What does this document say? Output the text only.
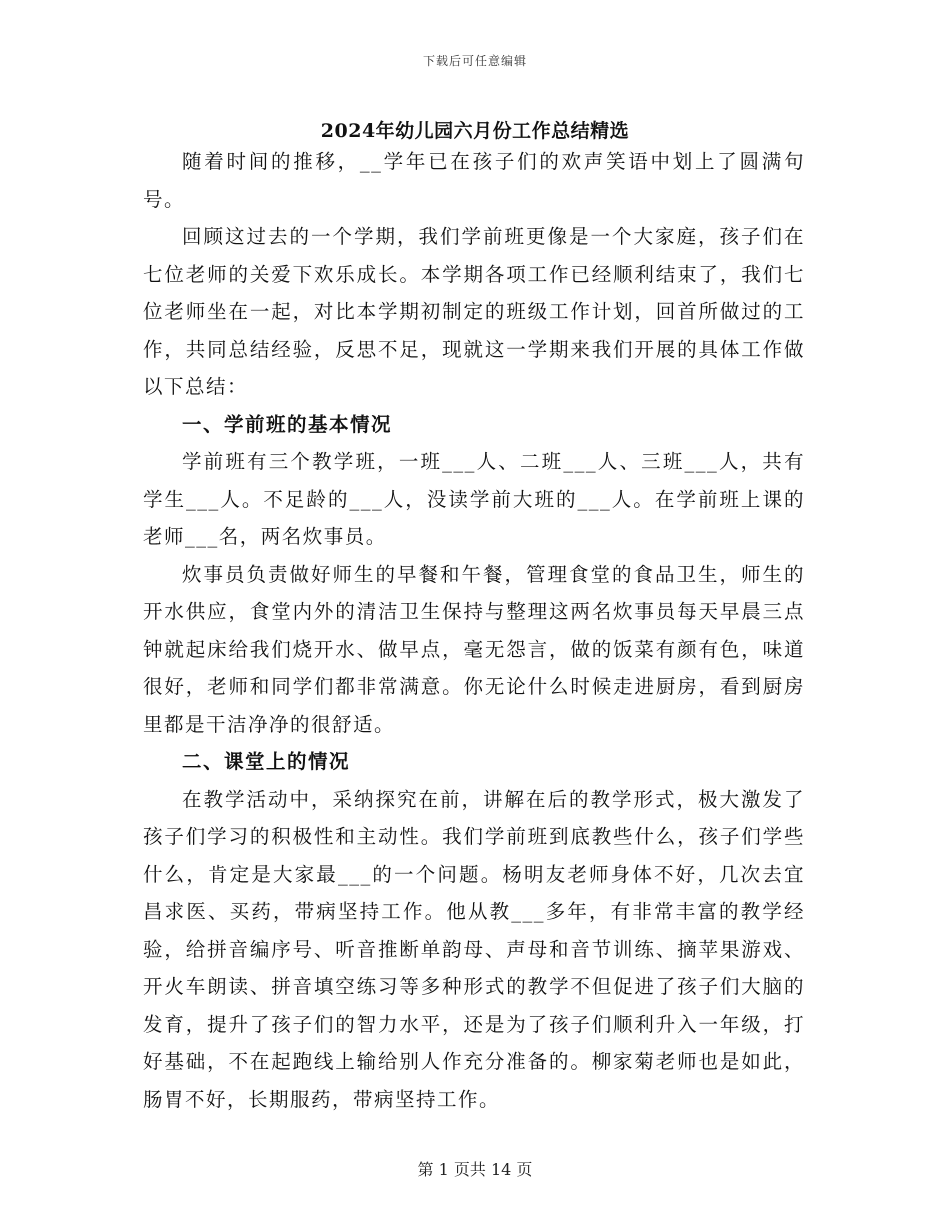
下载后可任意编辑
2024年幼儿园六月份工作总结精选

随着时间的推移，__学年已在孩子们的欢声笑语中划上了圆满句号。

回顾这过去的一个学期，我们学前班更像是一个大家庭，孩子们在七位老师的关爱下欢乐成长。本学期各项工作已经顺利结束了，我们七位老师坐在一起，对比本学期初制定的班级工作计划，回首所做过的工作，共同总结经验，反思不足，现就这一学期来我们开展的具体工作做以下总结：

一、学前班的基本情况

学前班有三个教学班，一班___人、二班___人、三班___人，共有学生___人。不足龄的___人，没读学前大班的___人。在学前班上课的老师___名，两名炊事员。

炊事员负责做好师生的早餐和午餐，管理食堂的食品卫生，师生的开水供应，食堂内外的清洁卫生保持与整理这两名炊事员每天早晨三点钟就起床给我们烧开水、做早点，毫无怨言，做的饭菜有颜有色，味道很好，老师和同学们都非常满意。你无论什么时候走进厨房，看到厨房里都是干洁净净的很舒适。

二、课堂上的情况

在教学活动中，采纳探究在前，讲解在后的教学形式，极大激发了孩子们学习的积极性和主动性。我们学前班到底教些什么，孩子们学些什么，肯定是大家最___的一个问题。杨明友老师身体不好，几次去宜昌求医、买药，带病坚持工作。他从教___多年，有非常丰富的教学经验，给拼音编序号、听音推断单韵母、声母和音节训练、摘苹果游戏、开火车朗读、拼音填空练习等多种形式的教学不但促进了孩子们大脑的发育，提升了孩子们的智力水平，还是为了孩子们顺利升入一年级，打好基础，不在起跑线上输给别人作充分准备的。柳家菊老师也是如此，肠胃不好，长期服药，带病坚持工作。

第 1 页共 14 页
